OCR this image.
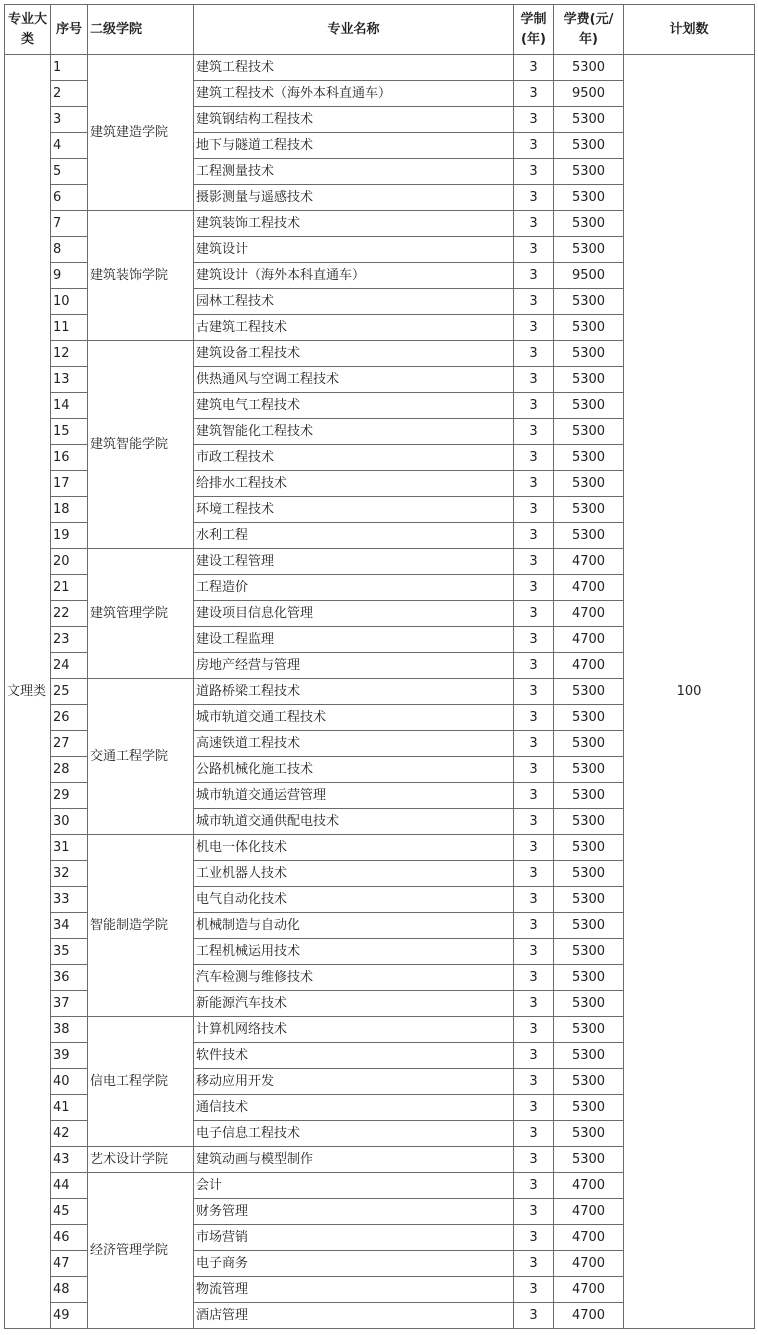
专业大类	序号	二级学院	专业名称	学制(年)	学费(元/年)	计划数
文理类	1	建筑建造学院	建筑工程技术	3	5300	100
	2		建筑工程技术（海外本科直通车）	3	9500	
	3		建筑钢结构工程技术	3	5300	
	4		地下与隧道工程技术	3	5300	
	5		工程测量技术	3	5300	
	6		摄影测量与遥感技术	3	5300	
	7	建筑装饰学院	建筑装饰工程技术	3	5300	
	8		建筑设计	3	5300	
	9		建筑设计（海外本科直通车）	3	9500	
	10		园林工程技术	3	5300	
	11		古建筑工程技术	3	5300	
	12	建筑智能学院	建筑设备工程技术	3	5300	
	13		供热通风与空调工程技术	3	5300	
	14		建筑电气工程技术	3	5300	
	15		建筑智能化工程技术	3	5300	
	16		市政工程技术	3	5300	
	17		给排水工程技术	3	5300	
	18		环境工程技术	3	5300	
	19		水利工程	3	5300	
	20	建筑管理学院	建设工程管理	3	4700	
	21		工程造价	3	4700	
	22		建设项目信息化管理	3	4700	
	23		建设工程监理	3	4700	
	24		房地产经营与管理	3	4700	
	25	交通工程学院	道路桥梁工程技术	3	5300	
	26		城市轨道交通工程技术	3	5300	
	27		高速铁道工程技术	3	5300	
	28		公路机械化施工技术	3	5300	
	29		城市轨道交通运营管理	3	5300	
	30		城市轨道交通供配电技术	3	5300	
	31	智能制造学院	机电一体化技术	3	5300	
	32		工业机器人技术	3	5300	
	33		电气自动化技术	3	5300	
	34		机械制造与自动化	3	5300	
	35		工程机械运用技术	3	5300	
	36		汽车检测与维修技术	3	5300	
	37		新能源汽车技术	3	5300	
	38	信电工程学院	计算机网络技术	3	5300	
	39		软件技术	3	5300	
	40		移动应用开发	3	5300	
	41		通信技术	3	5300	
	42		电子信息工程技术	3	5300	
	43	艺术设计学院	建筑动画与模型制作	3	5300	
	44	经济管理学院	会计	3	4700	
	45		财务管理	3	4700	
	46		市场营销	3	4700	
	47		电子商务	3	4700	
	48		物流管理	3	4700	
	49		酒店管理	3	4700	
